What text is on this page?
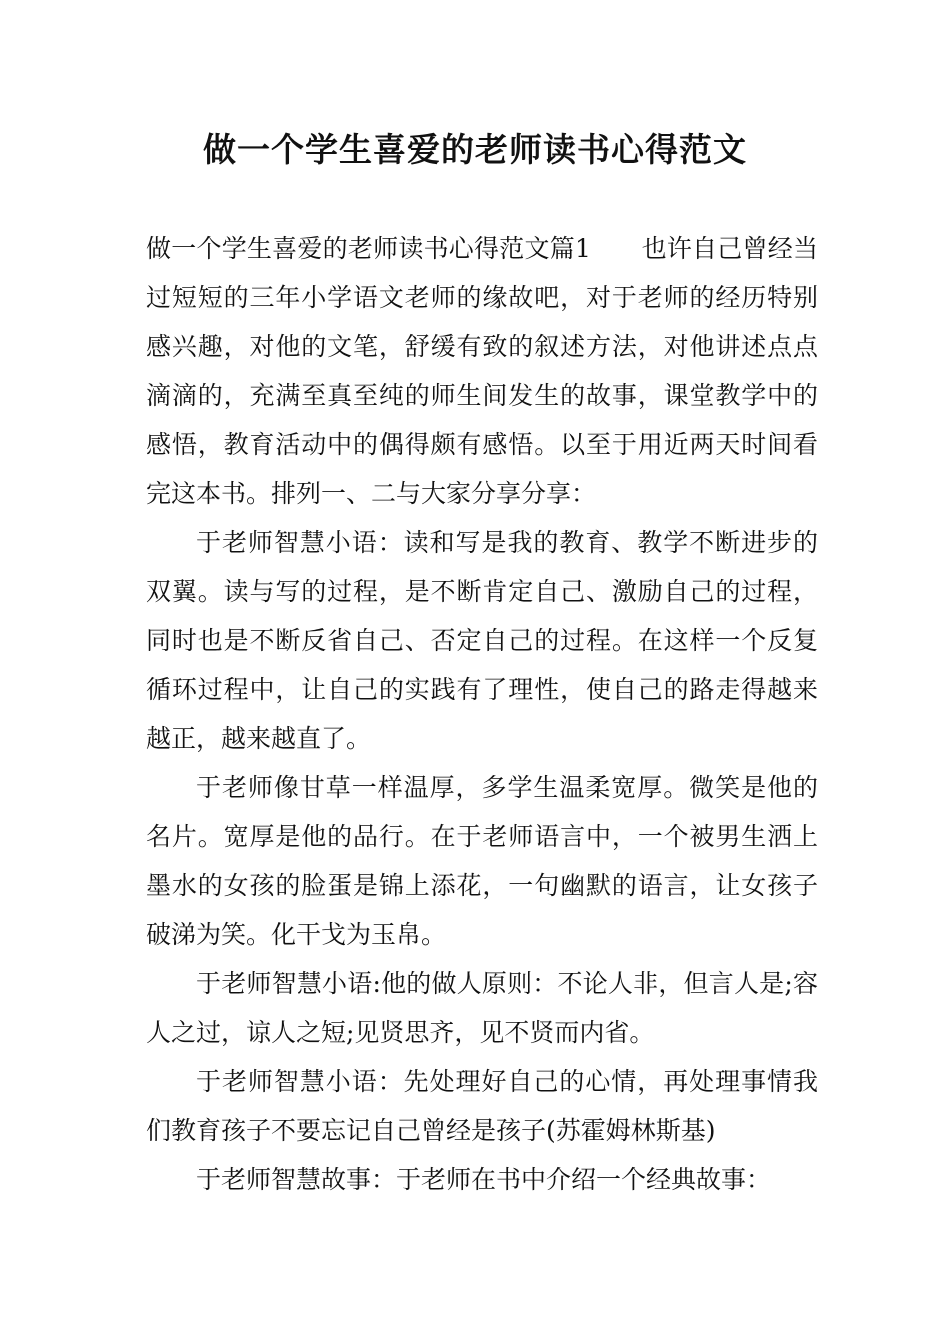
做一个学生喜爱的老师读书心得范文

做一个学生喜爱的老师读书心得范文篇1　　也许自己曾经当过短短的三年小学语文老师的缘故吧，对于老师的经历特别感兴趣，对他的文笔，舒缓有致的叙述方法，对他讲述点点滴滴的，充满至真至纯的师生间发生的故事，课堂教学中的感悟，教育活动中的偶得颇有感悟。以至于用近两天时间看完这本书。排列一、二与大家分享分享：

于老师智慧小语：读和写是我的教育、教学不断进步的双翼。读与写的过程，是不断肯定自己、激励自己的过程，同时也是不断反省自己、否定自己的过程。在这样一个反复循环过程中，让自己的实践有了理性，使自己的路走得越来越正，越来越直了。

于老师像甘草一样温厚，多学生温柔宽厚。微笑是他的名片。宽厚是他的品行。在于老师语言中，一个被男生洒上墨水的女孩的脸蛋是锦上添花，一句幽默的语言，让女孩子破涕为笑。化干戈为玉帛。

于老师智慧小语:他的做人原则：不论人非，但言人是;容人之过，谅人之短;见贤思齐，见不贤而内省。

于老师智慧小语：先处理好自己的心情，再处理事情我们教育孩子不要忘记自己曾经是孩子(苏霍姆林斯基)

于老师智慧故事：于老师在书中介绍一个经典故事：
